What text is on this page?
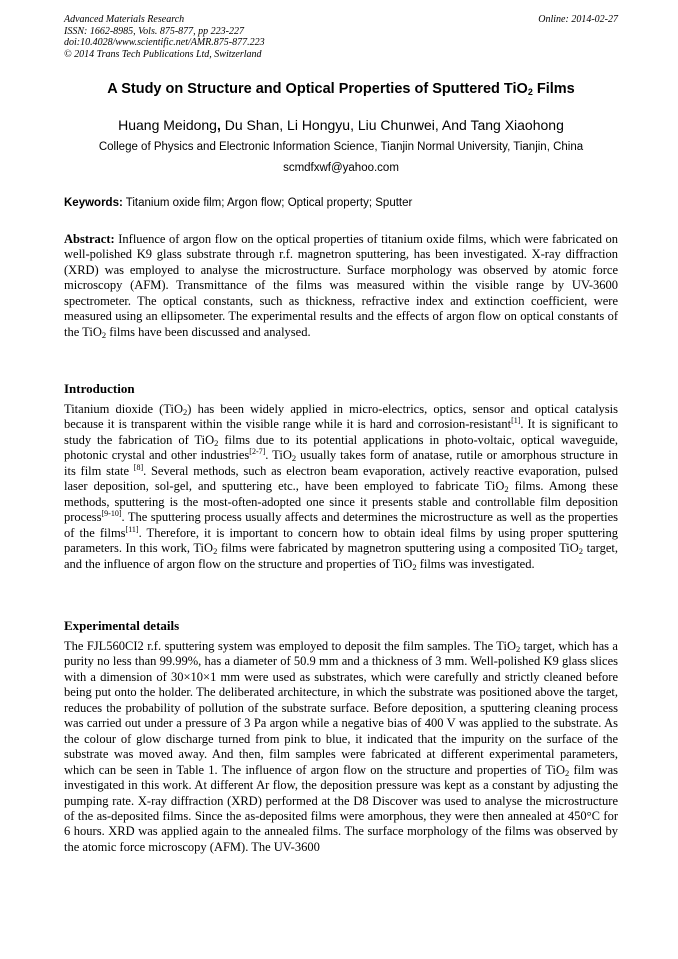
Advanced Materials Research
ISSN: 1662-8985, Vols. 875-877, pp 223-227
doi:10.4028/www.scientific.net/AMR.875-877.223
© 2014 Trans Tech Publications Ltd, Switzerland
Online: 2014-02-27
A Study on Structure and Optical Properties of Sputtered TiO$_2$ Films
Huang Meidong, Du Shan, Li Hongyu, Liu Chunwei, And Tang Xiaohong
College of Physics and Electronic Information Science, Tianjin Normal University, Tianjin, China
scmdfxwf@yahoo.com
Keywords: Titanium oxide film; Argon flow; Optical property; Sputter

Abstract: Influence of argon flow on the optical properties of titanium oxide films, which were fabricated on well-polished K9 glass substrate through r.f. magnetron sputtering, has been investigated. X-ray diffraction (XRD) was employed to analyse the microstructure. Surface morphology was observed by atomic force microscopy (AFM). Transmittance of the films was measured within the visible range by UV-3600 spectrometer. The optical constants, such as thickness, refractive index and extinction coefficient, were measured using an ellipsometer. The experimental results and the effects of argon flow on optical constants of the TiO$_2$ films have been discussed and analysed.

Introduction

Titanium dioxide (TiO$_2$) has been widely applied in micro-electrics, optics, sensor and optical catalysis because it is transparent within the visible range while it is hard and corrosion-resistant[1]. It is significant to study the fabrication of TiO$_2$ films due to its potential applications in photo-voltaic, optical waveguide, photonic crystal and other industries[2-7]. TiO$_2$ usually takes form of anatase, rutile or amorphous structure in its film state [8]. Several methods, such as electron beam evaporation, actively reactive evaporation, pulsed laser deposition, sol-gel, and sputtering etc., have been employed to fabricate TiO$_2$ films. Among these methods, sputtering is the most-often-adopted one since it presents stable and controllable film deposition process[9-10]. The sputtering process usually affects and determines the microstructure as well as the properties of the films[11]. Therefore, it is important to concern how to obtain ideal films by using proper sputtering parameters. In this work, TiO$_2$ films were fabricated by magnetron sputtering using a composited TiO$_2$ target, and the influence of argon flow on the structure and properties of TiO$_2$ films was investigated.

Experimental details

The FJL560CI2 r.f. sputtering system was employed to deposit the film samples. The TiO$_2$ target, which has a purity no less than 99.99%, has a diameter of 50.9 mm and a thickness of 3 mm. Well-polished K9 glass slices with a dimension of 30×10×1 mm were used as substrates, which were carefully and strictly cleaned before being put onto the holder. The deliberated architecture, in which the substrate was positioned above the target, reduces the probability of pollution of the substrate surface. Before deposition, a sputtering cleaning process was carried out under a pressure of 3 Pa argon while a negative bias of 400 V was applied to the substrate. As the colour of glow discharge turned from pink to blue, it indicated that the impurity on the surface of the substrate was moved away. And then, film samples were fabricated at different experimental parameters, which can be seen in Table 1. The influence of argon flow on the structure and properties of TiO$_2$ film was investigated in this work. At different Ar flow, the deposition pressure was kept as a constant by adjusting the pumping rate. X-ray diffraction (XRD) performed at the D8 Discover was used to analyse the microstructure of the as-deposited films. Since the as-deposited films were amorphous, they were then annealed at 450°C for 6 hours. XRD was applied again to the annealed films. The surface morphology of the films was observed by the atomic force microscopy (AFM). The UV-3600
